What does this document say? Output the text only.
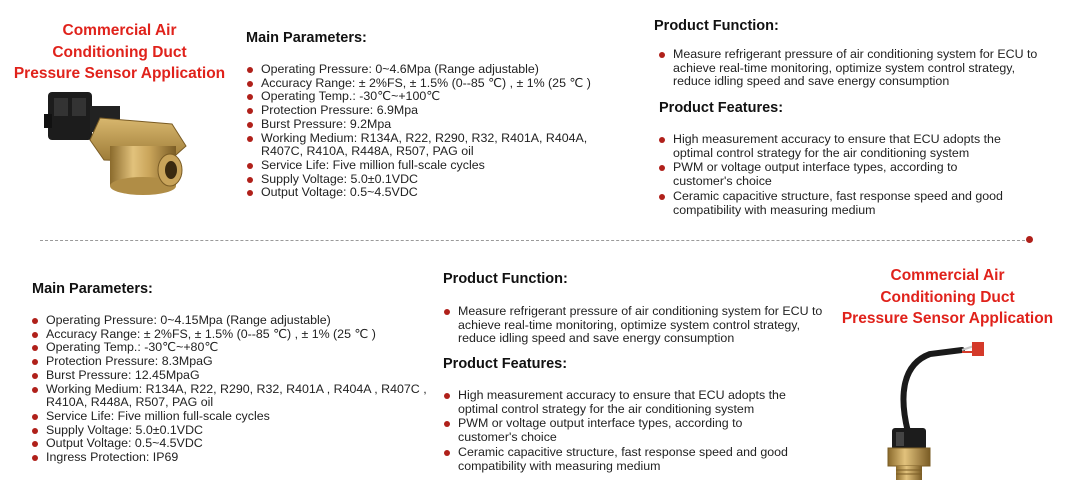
Commercial Air
Conditioning Duct
Pressure Sensor Application
Main Parameters:
Operating Pressure: 0~4.6Mpa (Range adjustable)
Accuracy Range: ± 2%FS, ± 1.5% (0--85 ℃) , ± 1% (25 ℃ )
Operating Temp.: -30℃~+100℃
Protection Pressure: 6.9Mpa
Burst Pressure: 9.2Mpa
Working Medium: R134A, R22, R290, R32, R401A, R404A, R407C, R410A, R448A, R507, PAG oil
Service Life: Five million full-scale cycles
Supply Voltage: 5.0±0.1VDC
Output Voltage: 0.5~4.5VDC
Product Function:
Measure refrigerant pressure of air conditioning system for ECU to achieve real-time monitoring, optimize system control strategy, reduce idling speed and save energy consumption
Product Features:
High measurement accuracy to ensure that ECU adopts the optimal control strategy for the air conditioning system
PWM or voltage output interface types, according to customer's choice
Ceramic capacitive structure, fast response speed and good compatibility with measuring medium
Main Parameters:
Operating Pressure: 0~4.15Mpa (Range adjustable)
Accuracy Range: ± 2%FS, ± 1.5% (0--85 ℃) , ± 1% (25 ℃ )
Operating Temp.: -30℃~+80℃
Protection Pressure: 8.3MpaG
Burst Pressure: 12.45MpaG
Working Medium: R134A, R22, R290, R32, R401A , R404A , R407C , R410A, R448A, R507, PAG oil
Service Life: Five million full-scale cycles
Supply Voltage: 5.0±0.1VDC
Output Voltage: 0.5~4.5VDC
Ingress Protection: IP69
Product Function:
Measure refrigerant pressure of air conditioning system for ECU to achieve real-time monitoring, optimize system control strategy, reduce idling speed and save energy consumption
Product Features:
High measurement accuracy to ensure that ECU adopts the optimal control strategy for the air conditioning system
PWM or voltage output interface types, according to customer's choice
Ceramic capacitive structure, fast response speed and good compatibility with measuring medium
Commercial Air
Conditioning Duct
Pressure Sensor Application
